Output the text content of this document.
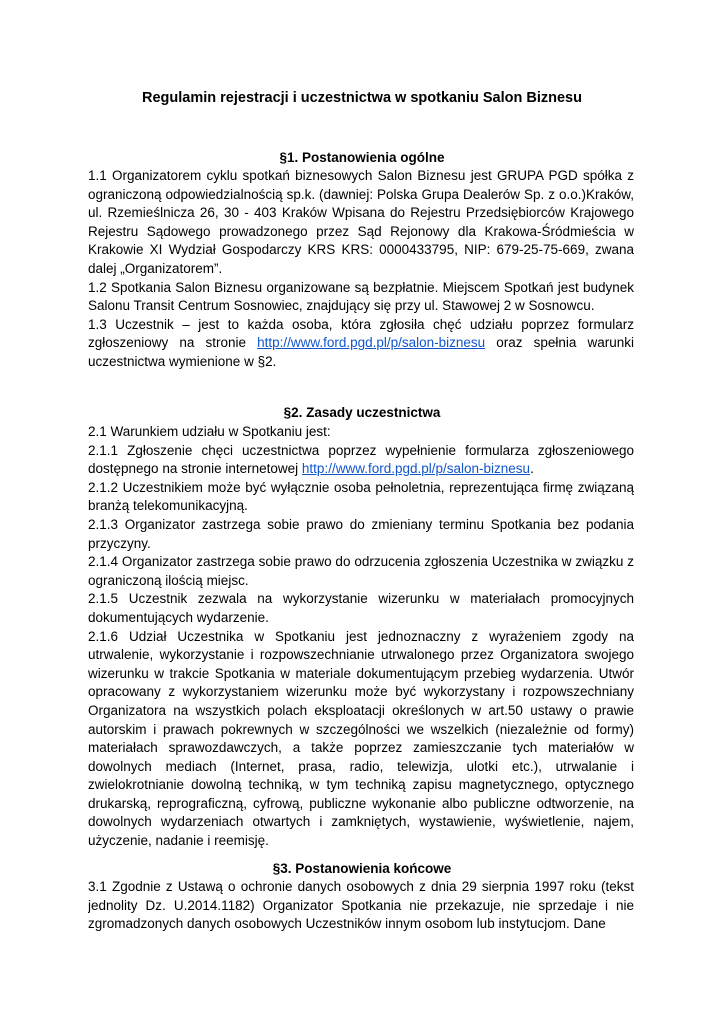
Regulamin rejestracji i uczestnictwa w spotkaniu Salon Biznesu
§1. Postanowienia ogólne
1.1 Organizatorem cyklu spotkań biznesowych Salon Biznesu jest GRUPA PGD spółka z
ograniczoną odpowiedzialnością sp.k. (dawniej: Polska Grupa Dealerów Sp. z o.o.)Kraków,
ul. Rzemieślnicza 26, 30 - 403 Kraków Wpisana do Rejestru Przedsiębiorców Krajowego
Rejestru Sądowego prowadzonego przez Sąd Rejonowy dla Krakowa-Śródmieścia w
Krakowie XI Wydział Gospodarczy KRS KRS: 0000433795, NIP: 679-25-75-669, zwana
dalej „Organizatorem”.
1.2 Spotkania Salon Biznesu organizowane są bezpłatnie. Miejscem Spotkań jest budynek
Salonu Transit Centrum Sosnowiec, znajdujący się przy ul. Stawowej 2 w Sosnowcu.
1.3 Uczestnik – jest to każda osoba, która zgłosiła chęć udziału poprzez formularz
zgłoszeniowy na stronie http://www.ford.pgd.pl/p/salon-biznesu oraz spełnia warunki
uczestnictwa wymienione w §2.
§2. Zasady uczestnictwa
2.1 Warunkiem udziału w Spotkaniu jest:
2.1.1 Zgłoszenie chęci uczestnictwa poprzez wypełnienie formularza zgłoszeniowego
dostępnego na stronie internetowej http://www.ford.pgd.pl/p/salon-biznesu.
2.1.2 Uczestnikiem może być wyłącznie osoba pełnoletnia, reprezentująca firmę związaną
branżą telekomunikacyjną.
2.1.3 Organizator zastrzega sobie prawo do zmieniany terminu Spotkania bez podania
przyczyny.
2.1.4 Organizator zastrzega sobie prawo do odrzucenia zgłoszenia Uczestnika w związku z
ograniczoną ilością miejsc.
2.1.5 Uczestnik zezwala na wykorzystanie wizerunku w materiałach promocyjnych
dokumentujących wydarzenie.
2.1.6 Udział Uczestnika w Spotkaniu jest jednoznaczny z wyrażeniem zgody na
utrwalenie, wykorzystanie i rozpowszechnianie utrwalonego przez Organizatora swojego
wizerunku w trakcie Spotkania w materiale dokumentującym przebieg wydarzenia. Utwór
opracowany z wykorzystaniem wizerunku może być wykorzystany i rozpowszechniany
Organizatora na wszystkich polach eksploatacji określonych w art.50 ustawy o prawie
autorskim i prawach pokrewnych w szczególności we wszelkich (niezależnie od formy)
materiałach sprawozdawczych, a także poprzez zamieszczanie tych materiałów w
dowolnych mediach (Internet, prasa, radio, telewizja, ulotki etc.), utrwalanie i
zwielokrotnianie dowolną techniką, w tym techniką zapisu magnetycznego, optycznego
drukarską, reprograficzną, cyfrową, publiczne wykonanie albo publiczne odtworzenie, na
dowolnych wydarzeniach otwartych i zamkniętych, wystawienie, wyświetlenie, najem,
użyczenie, nadanie i reemisję.
§3. Postanowienia końcowe
3.1 Zgodnie z Ustawą o ochronie danych osobowych z dnia 29 sierpnia 1997 roku (tekst
jednolity Dz. U.2014.1182) Organizator Spotkania nie przekazuje, nie sprzedaje i nie
zgromadzonych danych osobowych Uczestników innym osobom lub instytucjom. Dane
